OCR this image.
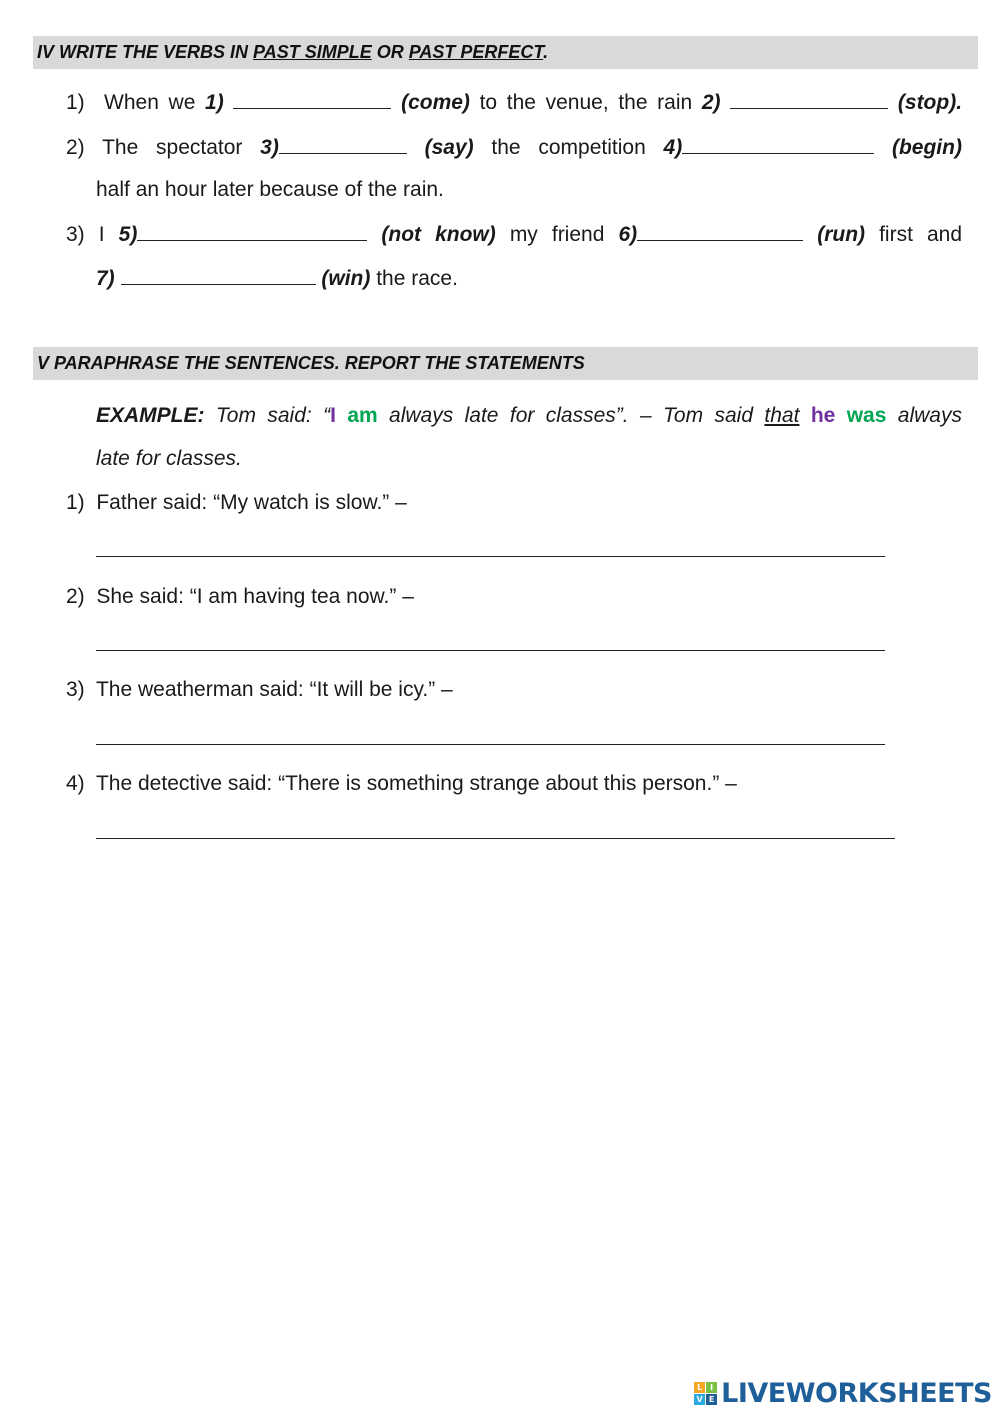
IV WRITE THE VERBS IN PAST SIMPLE OR PAST PERFECT.
1) When we 1)	(come) to the venue, the rain 2)	(stop).
2) The spectator 3)	(say) the competition 4)	(begin)
half an hour later because of the rain.
3) I 5)	(not know) my friend 6)	(run) first and
7)	(win) the race.
V PARAPHRASE THE SENTENCES. REPORT THE STATEMENTS
EXAMPLE: Tom said: “I am always late for classes”. – Tom said that he was always
late for classes.
1) Father said: “My watch is slow.” –
2) She said: “I am having tea now.” –
3) The weatherman said: “It will be icy.” –
4) The detective said: “There is something strange about this person.” –
L I
V E LIVEWORKSHEETS
